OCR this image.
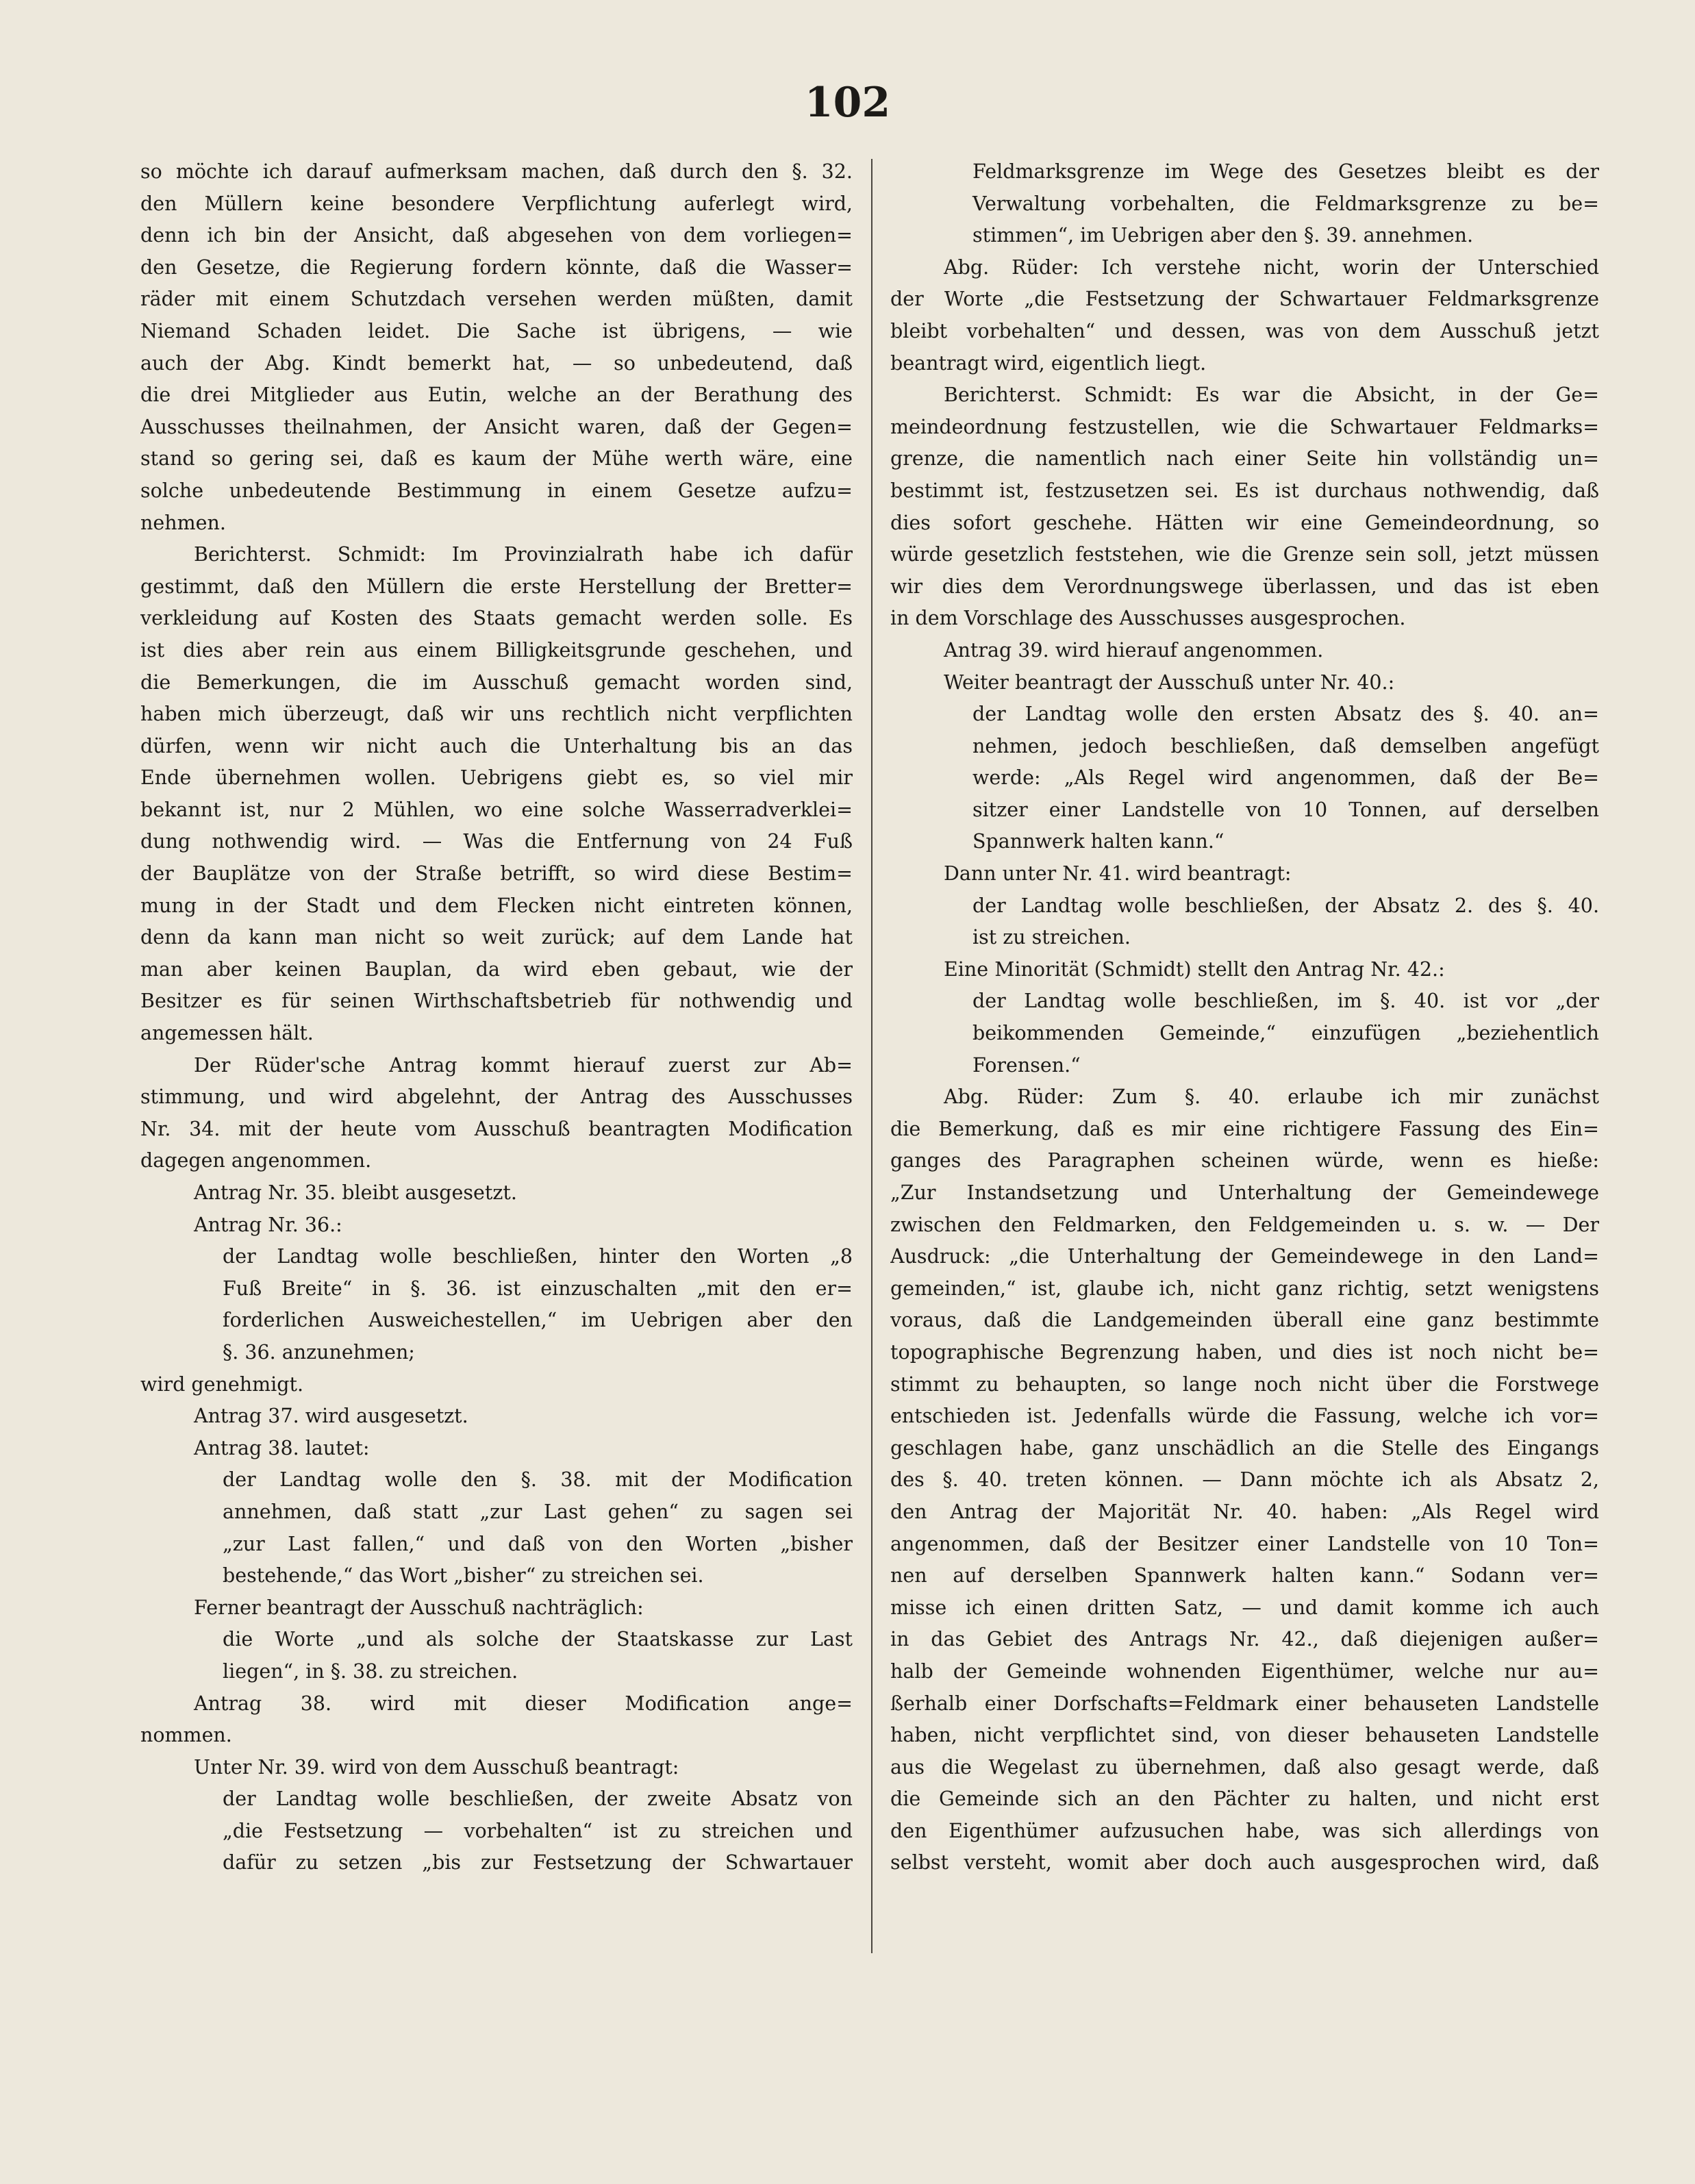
102
so möchte ich darauf aufmerksam machen, daß durch den §. 32.
den Müllern keine besondere Verpflichtung auferlegt wird,
denn ich bin der Ansicht, daß abgesehen von dem vorliegen=
den Gesetze, die Regierung fordern könnte, daß die Wasser=
räder mit einem Schutzdach versehen werden müßten, damit
Niemand Schaden leidet. Die Sache ist übrigens, — wie
auch der Abg. Kindt bemerkt hat, — so unbedeutend, daß
die drei Mitglieder aus Eutin, welche an der Berathung des
Ausschusses theilnahmen, der Ansicht waren, daß der Gegen=
stand so gering sei, daß es kaum der Mühe werth wäre, eine
solche unbedeutende Bestimmung in einem Gesetze aufzu=
nehmen.
Berichterst. Schmidt: Im Provinzialrath habe ich dafür
gestimmt, daß den Müllern die erste Herstellung der Bretter=
verkleidung auf Kosten des Staats gemacht werden solle. Es
ist dies aber rein aus einem Billigkeitsgrunde geschehen, und
die Bemerkungen, die im Ausschuß gemacht worden sind,
haben mich überzeugt, daß wir uns rechtlich nicht verpflichten
dürfen, wenn wir nicht auch die Unterhaltung bis an das
Ende übernehmen wollen. Uebrigens giebt es, so viel mir
bekannt ist, nur 2 Mühlen, wo eine solche Wasserradverklei=
dung nothwendig wird. — Was die Entfernung von 24 Fuß
der Bauplätze von der Straße betrifft, so wird diese Bestim=
mung in der Stadt und dem Flecken nicht eintreten können,
denn da kann man nicht so weit zurück; auf dem Lande hat
man aber keinen Bauplan, da wird eben gebaut, wie der
Besitzer es für seinen Wirthschaftsbetrieb für nothwendig und
angemessen hält.
Der Rüder'sche Antrag kommt hierauf zuerst zur Ab=
stimmung, und wird abgelehnt, der Antrag des Ausschusses
Nr. 34. mit der heute vom Ausschuß beantragten Modification
dagegen angenommen.
Antrag Nr. 35. bleibt ausgesetzt.
Antrag Nr. 36.:
der Landtag wolle beschließen, hinter den Worten „8
Fuß Breite“ in §. 36. ist einzuschalten „mit den er=
forderlichen Ausweichestellen,“ im Uebrigen aber den
§. 36. anzunehmen;
wird genehmigt.
Antrag 37. wird ausgesetzt.
Antrag 38. lautet:
der Landtag wolle den §. 38. mit der Modification
annehmen, daß statt „zur Last gehen“ zu sagen sei
„zur Last fallen,“ und daß von den Worten „bisher
bestehende,“ das Wort „bisher“ zu streichen sei.
Ferner beantragt der Ausschuß nachträglich:
die Worte „und als solche der Staatskasse zur Last
liegen“, in §. 38. zu streichen.
Antrag 38. wird mit dieser Modification ange=
nommen.
Unter Nr. 39. wird von dem Ausschuß beantragt:
der Landtag wolle beschließen, der zweite Absatz von
„die Festsetzung — vorbehalten“ ist zu streichen und
dafür zu setzen „bis zur Festsetzung der Schwartauer
Feldmarksgrenze im Wege des Gesetzes bleibt es der
Verwaltung vorbehalten, die Feldmarksgrenze zu be=
stimmen“, im Uebrigen aber den §. 39. annehmen.
Abg. Rüder: Ich verstehe nicht, worin der Unterschied
der Worte „die Festsetzung der Schwartauer Feldmarksgrenze
bleibt vorbehalten“ und dessen, was von dem Ausschuß jetzt
beantragt wird, eigentlich liegt.
Berichterst. Schmidt: Es war die Absicht, in der Ge=
meindeordnung festzustellen, wie die Schwartauer Feldmarks=
grenze, die namentlich nach einer Seite hin vollständig un=
bestimmt ist, festzusetzen sei. Es ist durchaus nothwendig, daß
dies sofort geschehe. Hätten wir eine Gemeindeordnung, so
würde gesetzlich feststehen, wie die Grenze sein soll, jetzt müssen
wir dies dem Verordnungswege überlassen, und das ist eben
in dem Vorschlage des Ausschusses ausgesprochen.
Antrag 39. wird hierauf angenommen.
Weiter beantragt der Ausschuß unter Nr. 40.:
der Landtag wolle den ersten Absatz des §. 40. an=
nehmen, jedoch beschließen, daß demselben angefügt
werde: „Als Regel wird angenommen, daß der Be=
sitzer einer Landstelle von 10 Tonnen, auf derselben
Spannwerk halten kann.“
Dann unter Nr. 41. wird beantragt:
der Landtag wolle beschließen, der Absatz 2. des §. 40.
ist zu streichen.
Eine Minorität (Schmidt) stellt den Antrag Nr. 42.:
der Landtag wolle beschließen, im §. 40. ist vor „der
beikommenden Gemeinde,“ einzufügen „beziehentlich
Forensen.“
Abg. Rüder: Zum §. 40. erlaube ich mir zunächst
die Bemerkung, daß es mir eine richtigere Fassung des Ein=
ganges des Paragraphen scheinen würde, wenn es hieße:
„Zur Instandsetzung und Unterhaltung der Gemeindewege
zwischen den Feldmarken, den Feldgemeinden u. s. w. — Der
Ausdruck: „die Unterhaltung der Gemeindewege in den Land=
gemeinden,“ ist, glaube ich, nicht ganz richtig, setzt wenigstens
voraus, daß die Landgemeinden überall eine ganz bestimmte
topographische Begrenzung haben, und dies ist noch nicht be=
stimmt zu behaupten, so lange noch nicht über die Forstwege
entschieden ist. Jedenfalls würde die Fassung, welche ich vor=
geschlagen habe, ganz unschädlich an die Stelle des Eingangs
des §. 40. treten können. — Dann möchte ich als Absatz 2,
den Antrag der Majorität Nr. 40. haben: „Als Regel wird
angenommen, daß der Besitzer einer Landstelle von 10 Ton=
nen auf derselben Spannwerk halten kann.“ Sodann ver=
misse ich einen dritten Satz, — und damit komme ich auch
in das Gebiet des Antrags Nr. 42., daß diejenigen außer=
halb der Gemeinde wohnenden Eigenthümer, welche nur au=
ßerhalb einer Dorfschafts=Feldmark einer behauseten Landstelle
haben, nicht verpflichtet sind, von dieser behauseten Landstelle
aus die Wegelast zu übernehmen, daß also gesagt werde, daß
die Gemeinde sich an den Pächter zu halten, und nicht erst
den Eigenthümer aufzusuchen habe, was sich allerdings von
selbst versteht, womit aber doch auch ausgesprochen wird, daß
